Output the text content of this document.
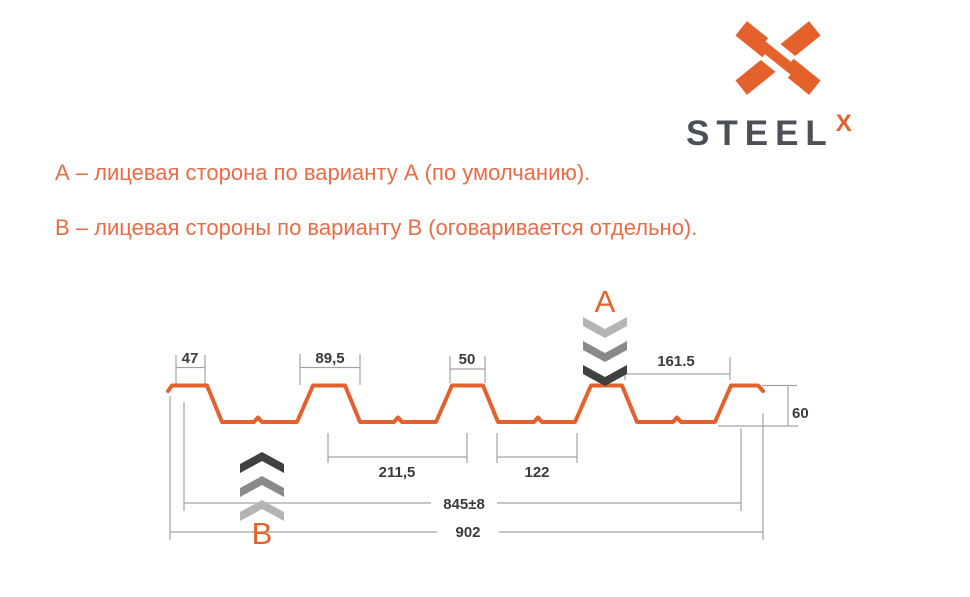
47	89,5	50	161.5
60
211,5	122
845±8
902
A
B
STEELX

А – лицевая сторона по варианту А (по умолчанию).

В – лицевая стороны по варианту В (оговаривается отдельно).
